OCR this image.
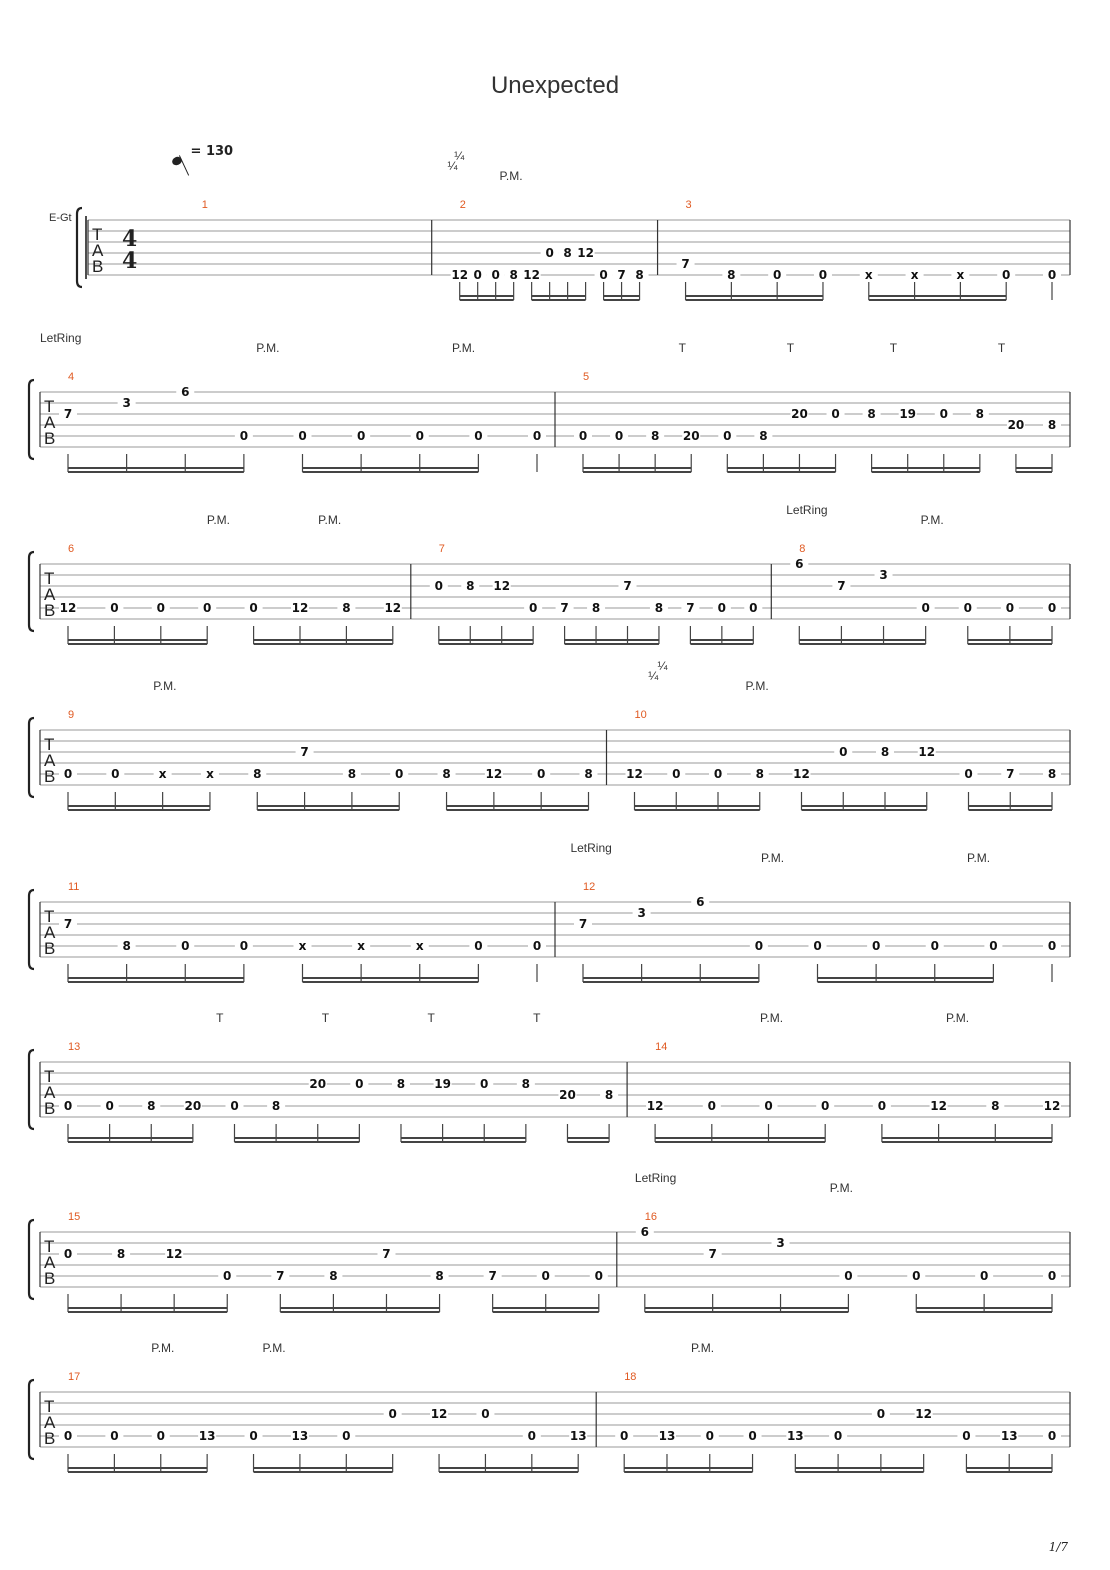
Unexpected
= 130
E-Gt
T
A
B
4
4
1	2
12 0 0 8 12
0 8 12
0 7 8
P.M.
¼
¼
3
7
8	0	0	x	x	x	0	0
T
A
B
4
7
3
6
0	0	0	0	0	0
LetRing
P.M.	P.M.
5
0 0 8 20 0 8
20 0 8 19 0 8
20 8
T	T	T	T
T
A
B
6
12	0	0	0	0	12	8	12
P.M.	P.M.
7
0 8 12
0 7 8
7
8 7 0 0
8
6
7
3
0	0	0	0
LetRing
P.M.
T
A
B
9
0	0	x	x	8
7
8	0	8	12	0	8
P.M.
10
12 0	0	8 12
0	8 12
0	7	8
P.M.
¼
¼
T
A
B
11
7
8	0	0	x	x	x	0	0
12
7
3
6
0	0	0	0	0	0
LetRing
P.M.	P.M.
T
A
B
13
0	0	8 20 0	8
20 0	8 19 0	8
20 8
T	T	T	T
14
12	0	0	0	0	12	8	12
P.M.	P.M.
T
A
B
15
0	8	12
0	7	8
7
8	7	0	0
16
6
7
3
0	0	0	0
LetRing
P.M.
T
A
B
17
0	0	0	13	0	13	0
0	12	0
0	13
P.M.	P.M.
18
0	13	0	0	13	0
0	12
0	13	0
P.M.
1/7
